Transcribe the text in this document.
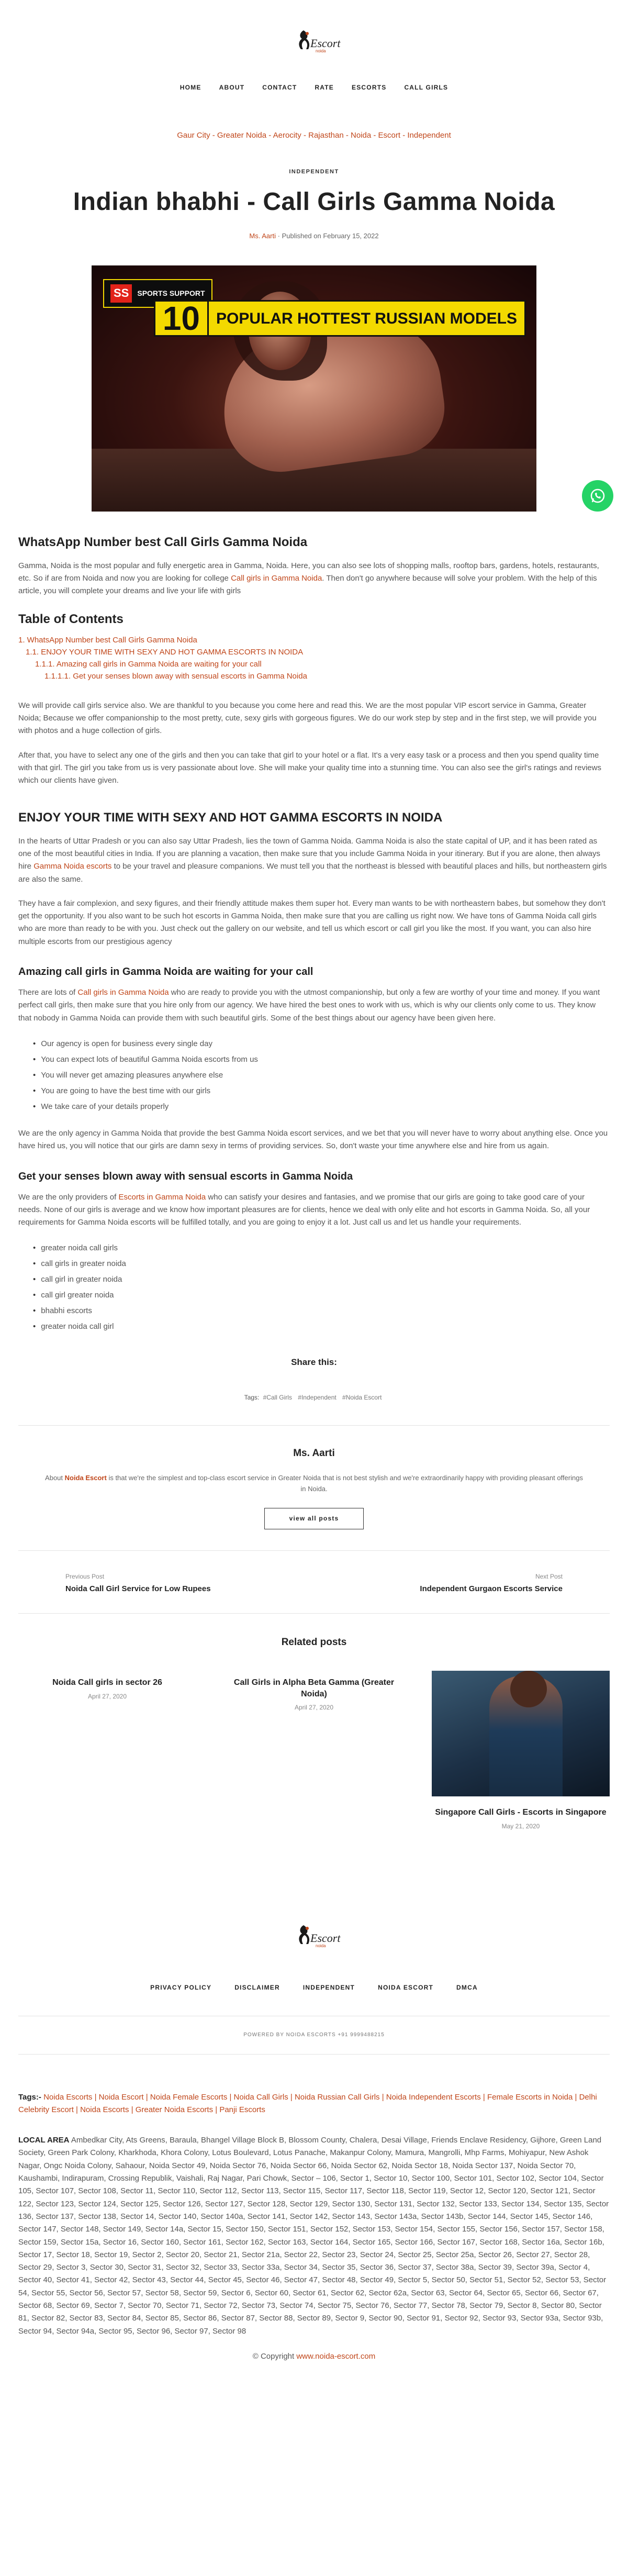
Escort
noida
HOME	ABOUT	CONTACT	RATE	ESCORTS	CALL GIRLS
Gaur City - Greater Noida - Aerocity - Rajasthan - Noida - Escort - Independent
INDEPENDENT
Indian bhabhi - Call Girls Gamma Noida
Ms. Aarti · Published on February 15, 2022
SS	SPORTS SUPPORT
10	POPULAR HOTTEST RUSSIAN MODELS
WhatsApp Number best Call Girls Gamma Noida

Gamma, Noida is the most popular and fully energetic area in Gamma, Noida. Here, you can also see lots of shopping malls, rooftop bars, gardens, hotels, restaurants, etc. So if are from Noida and now you are looking for college Call girls in Gamma Noida. Then don't go anywhere because will solve your problem. With the help of this article, you will complete your dreams and live your life with girls

Table of Contents
1. WhatsApp Number best Call Girls Gamma Noida
1.1. ENJOY YOUR TIME WITH SEXY AND HOT GAMMA ESCORTS IN NOIDA
1.1.1. Amazing call girls in Gamma Noida are waiting for your call
1.1.1.1. Get your senses blown away with sensual escorts in Gamma Noida

We will provide call girls service also. We are thankful to you because you come here and read this. We are the most popular VIP escort service in Gamma, Greater Noida; Because we offer companionship to the most pretty, cute, sexy girls with gorgeous figures. We do our work step by step and in the first step, we will provide you with photos and a huge collection of girls.

After that, you have to select any one of the girls and then you can take that girl to your hotel or a flat. It's a very easy task or a process and then you spend quality time with that girl. The girl you take from us is very passionate about love. She will make your quality time into a stunning time. You can also see the girl's ratings and reviews which our clients have given.

ENJOY YOUR TIME WITH SEXY AND HOT GAMMA ESCORTS IN NOIDA

In the hearts of Uttar Pradesh or you can also say Uttar Pradesh, lies the town of Gamma Noida. Gamma Noida is also the state capital of UP, and it has been rated as one of the most beautiful cities in India. If you are planning a vacation, then make sure that you include Gamma Noida in your itinerary. But if you are alone, then always hire Gamma Noida escorts to be your travel and pleasure companions. We must tell you that the northeast is blessed with beautiful places and hills, but northeastern girls are also the same.

They have a fair complexion, and sexy figures, and their friendly attitude makes them super hot. Every man wants to be with northeastern babes, but somehow they don't get the opportunity. If you also want to be such hot escorts in Gamma Noida, then make sure that you are calling us right now. We have tons of Gamma Noida call girls who are more than ready to be with you. Just check out the gallery on our website, and tell us which escort or call girl you like the most. If you want, you can also hire multiple escorts from our prestigious agency

Amazing call girls in Gamma Noida are waiting for your call

There are lots of Call girls in Gamma Noida who are ready to provide you with the utmost companionship, but only a few are worthy of your time and money. If you want perfect call girls, then make sure that you hire only from our agency. We have hired the best ones to work with us, which is why our clients only come to us. They know that nobody in Gamma Noida can provide them with such beautiful girls. Some of the best things about our agency have been given here.

• Our agency is open for business every single day
• You can expect lots of beautiful Gamma Noida escorts from us
• You will never get amazing pleasures anywhere else
• You are going to have the best time with our girls
• We take care of your details properly

We are the only agency in Gamma Noida that provide the best Gamma Noida escort services, and we bet that you will never have to worry about anything else. Once you have hired us, you will notice that our girls are damn sexy in terms of providing services. So, don't waste your time anywhere else and hire from us again.

Get your senses blown away with sensual escorts in Gamma Noida

We are the only providers of Escorts in Gamma Noida who can satisfy your desires and fantasies, and we promise that our girls are going to take good care of your needs. None of our girls is average and we know how important pleasures are for clients, hence we deal with only elite and hot escorts in Gamma Noida. So, all your requirements for Gamma Noida escorts will be fulfilled totally, and you are going to enjoy it a lot. Just call us and let us handle your requirements.

• greater noida call girls
• call girls in greater noida
• call girl in greater noida
• call girl greater noida
• bhabhi escorts
• greater noida call girl
Share this:
Tags: #Call Girls #Independent #Noida Escort
Ms. Aarti
About Noida Escort is that we're the simplest and top-class escort service in Greater Noida that is not best stylish and we're extraordinarily happy with providing pleasant offerings in Noida.
view all posts
Previous Post
Noida Call Girl Service for Low Rupees
Next Post
Independent Gurgaon Escorts Service
Related posts
Noida Call girls in sector 26
April 27, 2020
Call Girls in Alpha Beta Gamma (Greater Noida)
April 27, 2020
Singapore Call Girls - Escorts in Singapore
May 21, 2020
Escort
noida
PRIVACY POLICY	DISCLAIMER	INDEPENDENT	NOIDA ESCORT	DMCA
POWERED BY NOIDA ESCORTS +91 9999488215
Tags:- Noida Escorts | Noida Escort | Noida Female Escorts | Noida Call Girls | Noida Russian Call Girls | Noida Independent Escorts | Female Escorts in Noida | Delhi Celebrity Escort | Noida Escorts | Greater Noida Escorts | Panji Escorts
LOCAL AREA Ambedkar City, Ats Greens, Baraula, Bhangel Village Block B, Blossom County, Chalera, Desai Village, Friends Enclave Residency, Gijhore, Green Land Society, Green Park Colony, Kharkhoda, Khora Colony, Lotus Boulevard, Lotus Panache, Makanpur Colony, Mamura, Mangrolli, Mhp Farms, Mohiyapur, New Ashok Nagar, Ongc Noida Colony, Sahaour, Noida Sector 49, Noida Sector 76, Noida Sector 66, Noida Sector 62, Noida Sector 18, Noida Sector 137, Noida Sector 70, Kaushambi, Indirapuram, Crossing Republik, Vaishali, Raj Nagar, Pari Chowk, Sector – 106, Sector 1, Sector 10, Sector 100, Sector 101, Sector 102, Sector 104, Sector 105, Sector 107, Sector 108, Sector 11, Sector 110, Sector 112, Sector 113, Sector 115, Sector 117, Sector 118, Sector 119, Sector 12, Sector 120, Sector 121, Sector 122, Sector 123, Sector 124, Sector 125, Sector 126, Sector 127, Sector 128, Sector 129, Sector 130, Sector 131, Sector 132, Sector 133, Sector 134, Sector 135, Sector 136, Sector 137, Sector 138, Sector 14, Sector 140, Sector 140a, Sector 141, Sector 142, Sector 143, Sector 143a, Sector 143b, Sector 144, Sector 145, Sector 146, Sector 147, Sector 148, Sector 149, Sector 14a, Sector 15, Sector 150, Sector 151, Sector 152, Sector 153, Sector 154, Sector 155, Sector 156, Sector 157, Sector 158, Sector 159, Sector 15a, Sector 16, Sector 160, Sector 161, Sector 162, Sector 163, Sector 164, Sector 165, Sector 166, Sector 167, Sector 168, Sector 16a, Sector 16b, Sector 17, Sector 18, Sector 19, Sector 2, Sector 20, Sector 21, Sector 21a, Sector 22, Sector 23, Sector 24, Sector 25, Sector 25a, Sector 26, Sector 27, Sector 28, Sector 29, Sector 3, Sector 30, Sector 31, Sector 32, Sector 33, Sector 33a, Sector 34, Sector 35, Sector 36, Sector 37, Sector 38a, Sector 39, Sector 39a, Sector 4, Sector 40, Sector 41, Sector 42, Sector 43, Sector 44, Sector 45, Sector 46, Sector 47, Sector 48, Sector 49, Sector 5, Sector 50, Sector 51, Sector 52, Sector 53, Sector 54, Sector 55, Sector 56, Sector 57, Sector 58, Sector 59, Sector 6, Sector 60, Sector 61, Sector 62, Sector 62a, Sector 63, Sector 64, Sector 65, Sector 66, Sector 67, Sector 68, Sector 69, Sector 7, Sector 70, Sector 71, Sector 72, Sector 73, Sector 74, Sector 75, Sector 76, Sector 77, Sector 78, Sector 79, Sector 8, Sector 80, Sector 81, Sector 82, Sector 83, Sector 84, Sector 85, Sector 86, Sector 87, Sector 88, Sector 89, Sector 9, Sector 90, Sector 91, Sector 92, Sector 93, Sector 93a, Sector 93b, Sector 94, Sector 94a, Sector 95, Sector 96, Sector 97, Sector 98
© Copyright www.noida-escort.com
